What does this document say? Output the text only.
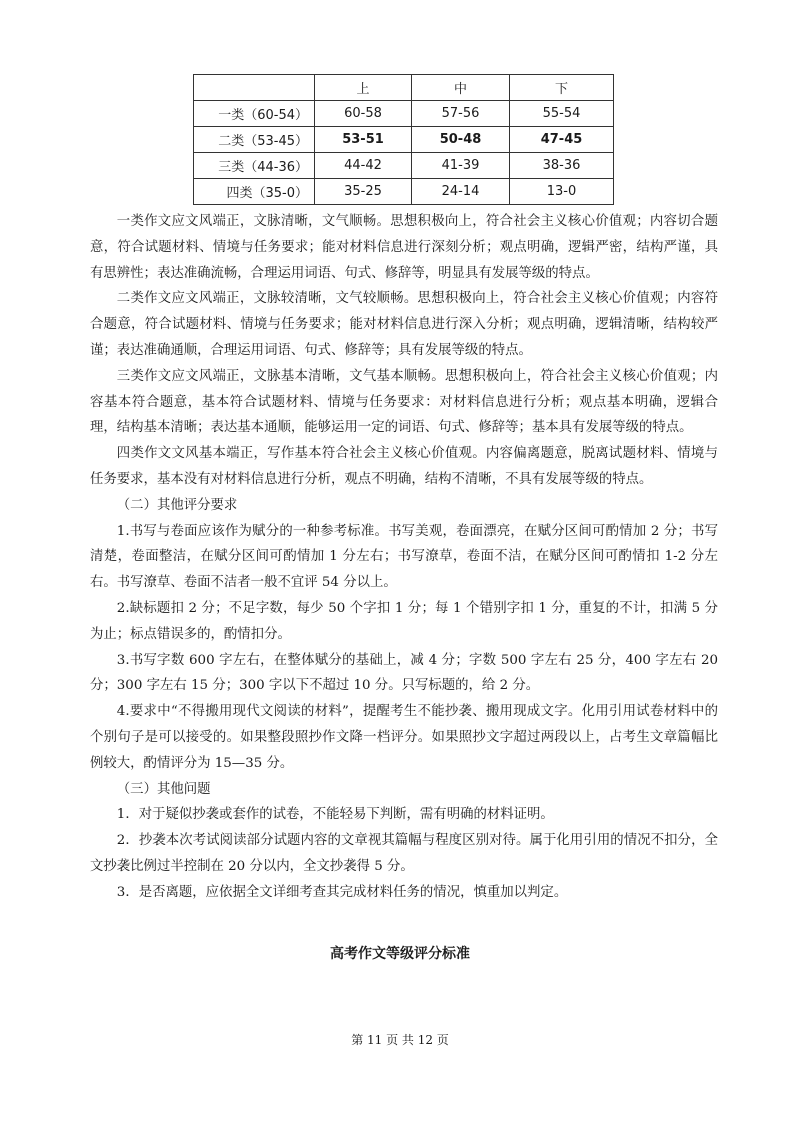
	上	中	下
一类（60-54）	60-58	57-56	55-54
二类（53-45）	53-51	50-48	47-45
三类（44-36）	44-42	41-39	38-36
四类（35-0）	35-25	24-14	13-0

一类作文应文风端正，文脉清晰，文气顺畅。思想积极向上，符合社会主义核心价值观；内容切合题意，符合试题材料、情境与任务要求；能对材料信息进行深刻分析；观点明确，逻辑严密，结构严谨，具有思辨性；表达准确流畅，合理运用词语、句式、修辞等，明显具有发展等级的特点。

二类作文应文风端正，文脉较清晰，文气较顺畅。思想积极向上，符合社会主义核心价值观；内容符合题意，符合试题材料、情境与任务要求；能对材料信息进行深入分析；观点明确，逻辑清晰，结构较严谨；表达准确通顺，合理运用词语、句式、修辞等；具有发展等级的特点。

三类作文应文风端正，文脉基本清晰，文气基本顺畅。思想积极向上，符合社会主义核心价值观；内容基本符合题意，基本符合试题材料、情境与任务要求：对材料信息进行分析；观点基本明确，逻辑合理，结构基本清晰；表达基本通顺，能够运用一定的词语、句式、修辞等；基本具有发展等级的特点。

四类作文文风基本端正，写作基本符合社会主义核心价值观。内容偏离题意，脱离试题材料、情境与任务要求，基本没有对材料信息进行分析，观点不明确，结构不清晰，不具有发展等级的特点。

（二）其他评分要求

1.书写与卷面应该作为赋分的一种参考标准。书写美观，卷面漂亮，在赋分区间可酌情加 2 分；书写清楚，卷面整洁，在赋分区间可酌情加 1 分左右；书写潦草，卷面不洁，在赋分区间可酌情扣 1-2 分左右。书写潦草、卷面不洁者一般不宜评 54 分以上。

2.缺标题扣 2 分；不足字数，每少 50 个字扣 1 分；每 1 个错别字扣 1 分，重复的不计，扣满 5 分为止；标点错误多的，酌情扣分。

3.书写字数 600 字左右，在整体赋分的基础上，减 4 分；字数 500 字左右 25 分，400 字左右 20 分；300 字左右 15 分；300 字以下不超过 10 分。只写标题的，给 2 分。

4.要求中“不得搬用现代文阅读的材料”，提醒考生不能抄袭、搬用现成文字。化用引用试卷材料中的个别句子是可以接受的。如果整段照抄作文降一档评分。如果照抄文字超过两段以上，占考生文章篇幅比例较大，酌情评分为 15—35 分。

（三）其他问题

1．对于疑似抄袭或套作的试卷，不能轻易下判断，需有明确的材料证明。

2．抄袭本次考试阅读部分试题内容的文章视其篇幅与程度区别对待。属于化用引用的情况不扣分，全文抄袭比例过半控制在 20 分以内，全文抄袭得 5 分。

3．是否离题，应依据全文详细考查其完成材料任务的情况，慎重加以判定。

高考作文等级评分标准
第 11 页 共 12 页
